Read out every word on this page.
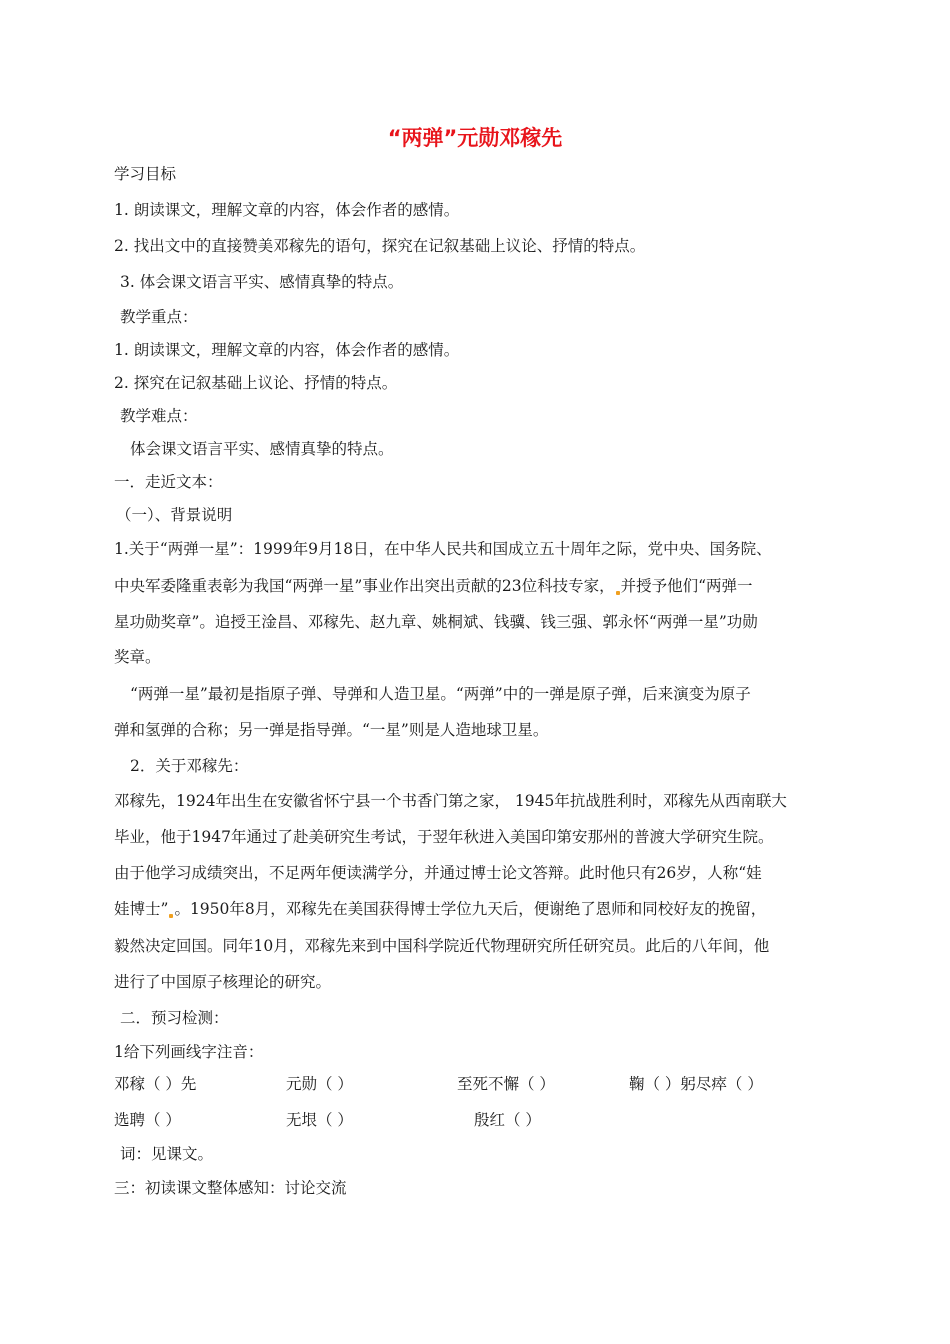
“两弹”元勋邓稼先

学习目标

1. 朗读课文，理解文章的内容，体会作者的感情。

2. 找出文中的直接赞美邓稼先的语句，探究在记叙基础上议论、抒情的特点。

3. 体会课文语言平实、感情真挚的特点。

教学重点：

1. 朗读课文，理解文章的内容，体会作者的感情。

2. 探究在记叙基础上议论、抒情的特点。

教学难点：

体会课文语言平实、感情真挚的特点。

一．走近文本：

（一）、背景说明

1.关于“两弹一星”：1999年9月18日，在中华人民共和国成立五十周年之际，党中央、国务院、

中央军委隆重表彰为我国“两弹一星”事业作出突出贡献的23位科技专家， 并授予他们“两弹一

星功勋奖章”。追授王淦昌、邓稼先、赵九章、姚桐斌、钱骥、钱三强、郭永怀“两弹一星”功勋

奖章。

“两弹一星”最初是指原子弹、导弹和人造卫星。“两弹”中的一弹是原子弹，后来演变为原子

弹和氢弹的合称；另一弹是指导弹。“一星”则是人造地球卫星。

2．关于邓稼先：

邓稼先，1924年出生在安徽省怀宁县一个书香门第之家， 1945年抗战胜利时，邓稼先从西南联大

毕业，他于1947年通过了赴美研究生考试，于翌年秋进入美国印第安那州的普渡大学研究生院。

由于他学习成绩突出，不足两年便读满学分，并通过博士论文答辩。此时他只有26岁，人称“娃

娃博士” 。1950年8月，邓稼先在美国获得博士学位九天后，便谢绝了恩师和同校好友的挽留，

毅然决定回国。同年10月，邓稼先来到中国科学院近代物理研究所任研究员。此后的八年间，他

进行了中国原子核理论的研究。

二．预习检测：

1给下列画线字注音：

邓稼（ ）先	元勋（ ）	至死不懈（ ）	鞠（ ）躬尽瘁（ ）
选聘（ ）	无垠（ ）	殷红（ ）

词：见课文。

三：初读课文整体感知：讨论交流
